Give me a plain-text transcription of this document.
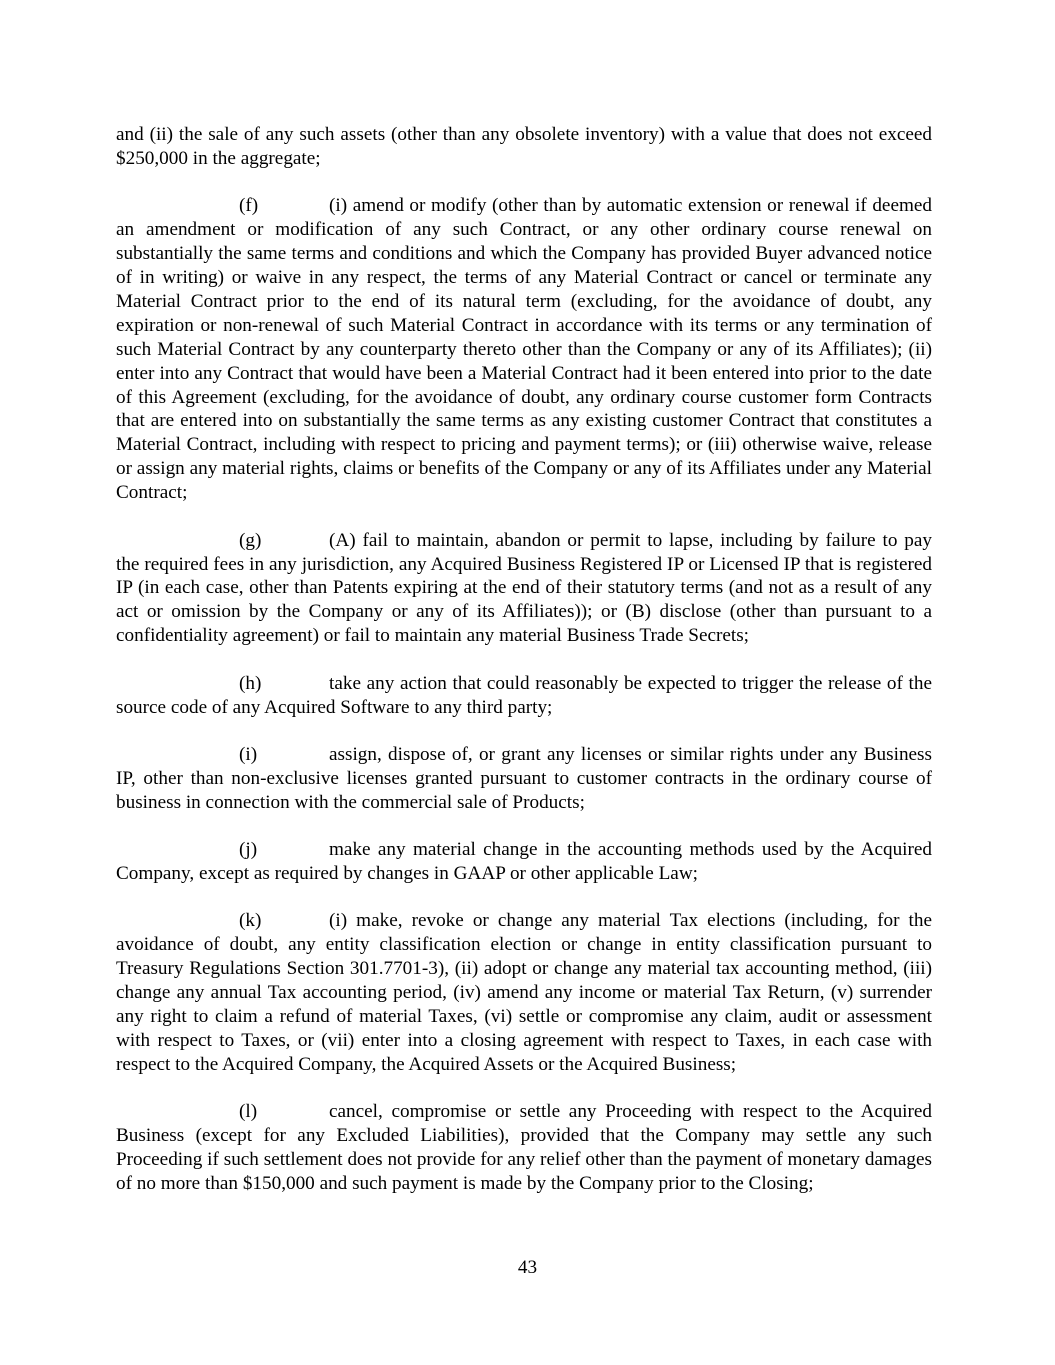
and (ii) the sale of any such assets (other than any obsolete inventory) with a value that does not exceed $250,000 in the aggregate;

(f)	(i) amend or modify (other than by automatic extension or renewal if deemed an amendment or modification of any such Contract, or any other ordinary course renewal on substantially the same terms and conditions and which the Company has provided Buyer advanced notice of in writing) or waive in any respect, the terms of any Material Contract or cancel or terminate any Material Contract prior to the end of its natural term (excluding, for the avoidance of doubt, any expiration or non-renewal of such Material Contract in accordance with its terms or any termination of such Material Contract by any counterparty thereto other than the Company or any of its Affiliates); (ii) enter into any Contract that would have been a Material Contract had it been entered into prior to the date of this Agreement (excluding, for the avoidance of doubt, any ordinary course customer form Contracts that are entered into on substantially the same terms as any existing customer Contract that constitutes a Material Contract, including with respect to pricing and payment terms); or (iii) otherwise waive, release or assign any material rights, claims or benefits of the Company or any of its Affiliates under any Material Contract;

(g)	(A) fail to maintain, abandon or permit to lapse, including by failure to pay the required fees in any jurisdiction, any Acquired Business Registered IP or Licensed IP that is registered IP (in each case, other than Patents expiring at the end of their statutory terms (and not as a result of any act or omission by the Company or any of its Affiliates)); or (B) disclose (other than pursuant to a confidentiality agreement) or fail to maintain any material Business Trade Secrets;

(h)	take any action that could reasonably be expected to trigger the release of the source code of any Acquired Software to any third party;

(i)	assign, dispose of, or grant any licenses or similar rights under any Business IP, other than non-exclusive licenses granted pursuant to customer contracts in the ordinary course of business in connection with the commercial sale of Products;

(j)	make any material change in the accounting methods used by the Acquired Company, except as required by changes in GAAP or other applicable Law;

(k)	(i) make, revoke or change any material Tax elections (including, for the avoidance of doubt, any entity classification election or change in entity classification pursuant to Treasury Regulations Section 301.7701-3), (ii) adopt or change any material tax accounting method, (iii) change any annual Tax accounting period, (iv) amend any income or material Tax Return, (v) surrender any right to claim a refund of material Taxes, (vi) settle or compromise any claim, audit or assessment with respect to Taxes, or (vii) enter into a closing agreement with respect to Taxes, in each case with respect to the Acquired Company, the Acquired Assets or the Acquired Business;

(l)	cancel, compromise or settle any Proceeding with respect to the Acquired Business (except for any Excluded Liabilities), provided that the Company may settle any such Proceeding if such settlement does not provide for any relief other than the payment of monetary damages of no more than $150,000 and such payment is made by the Company prior to the Closing;

43
